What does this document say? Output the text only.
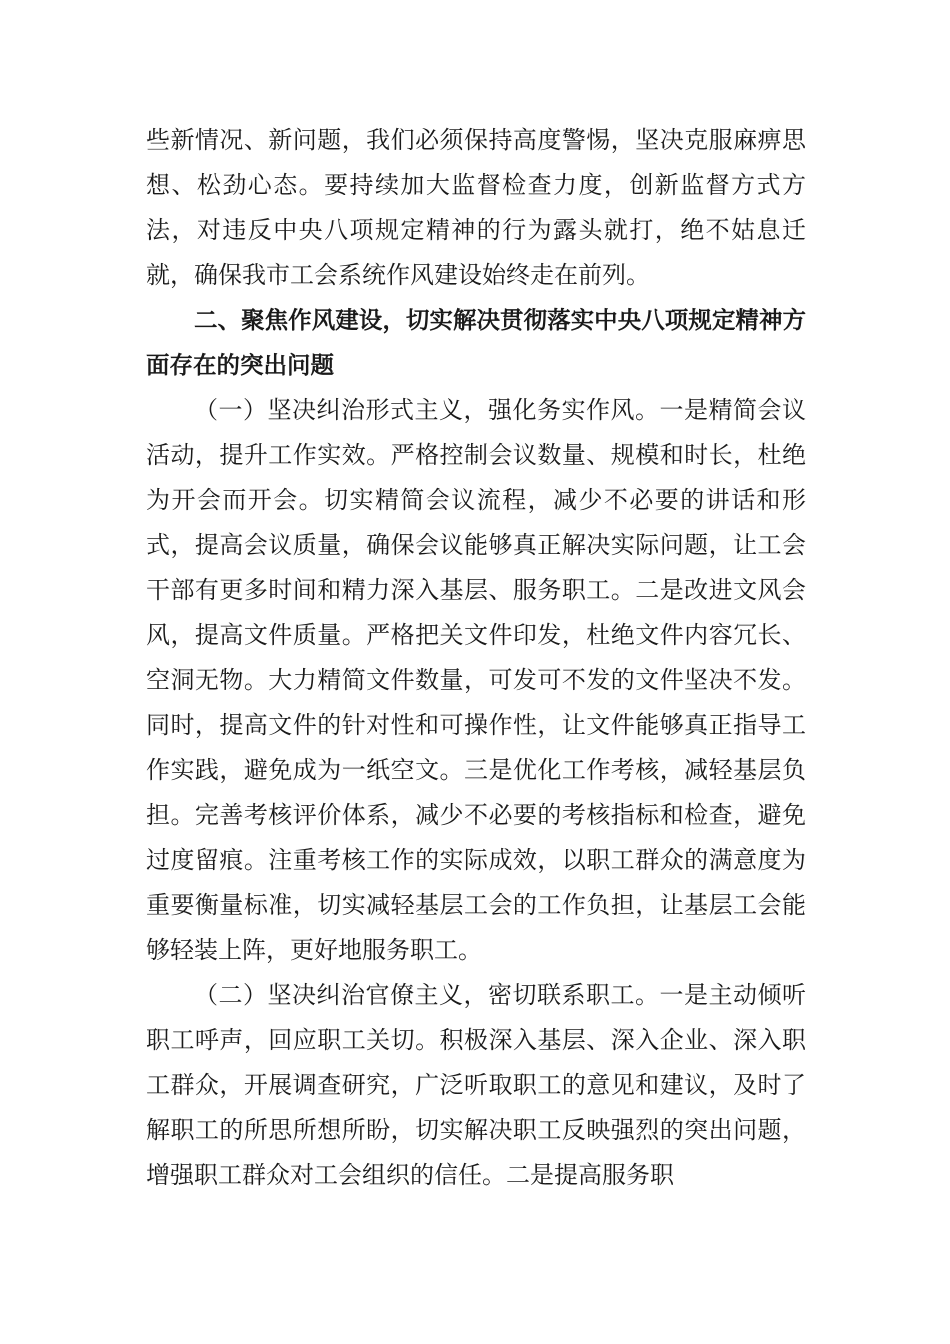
些新情况、新问题，我们必须保持高度警惕，坚决克服麻痹思想、松劲心态。要持续加大监督检查力度，创新监督方式方法，对违反中央八项规定精神的行为露头就打，绝不姑息迁就，确保我市工会系统作风建设始终走在前列。

二、聚焦作风建设，切实解决贯彻落实中央八项规定精神方面存在的突出问题

（一）坚决纠治形式主义，强化务实作风。一是精简会议活动，提升工作实效。严格控制会议数量、规模和时长，杜绝为开会而开会。切实精简会议流程，减少不必要的讲话和形式，提高会议质量，确保会议能够真正解决实际问题，让工会干部有更多时间和精力深入基层、服务职工。二是改进文风会风，提高文件质量。严格把关文件印发，杜绝文件内容冗长、空洞无物。大力精简文件数量，可发可不发的文件坚决不发。同时，提高文件的针对性和可操作性，让文件能够真正指导工作实践，避免成为一纸空文。三是优化工作考核，减轻基层负担。完善考核评价体系，减少不必要的考核指标和检查，避免过度留痕。注重考核工作的实际成效，以职工群众的满意度为重要衡量标准，切实减轻基层工会的工作负担，让基层工会能够轻装上阵，更好地服务职工。

（二）坚决纠治官僚主义，密切联系职工。一是主动倾听职工呼声，回应职工关切。积极深入基层、深入企业、深入职工群众，开展调查研究，广泛听取职工的意见和建议，及时了解职工的所思所想所盼，切实解决职工反映强烈的突出问题，增强职工群众对工会组织的信任。二是提高服务职
